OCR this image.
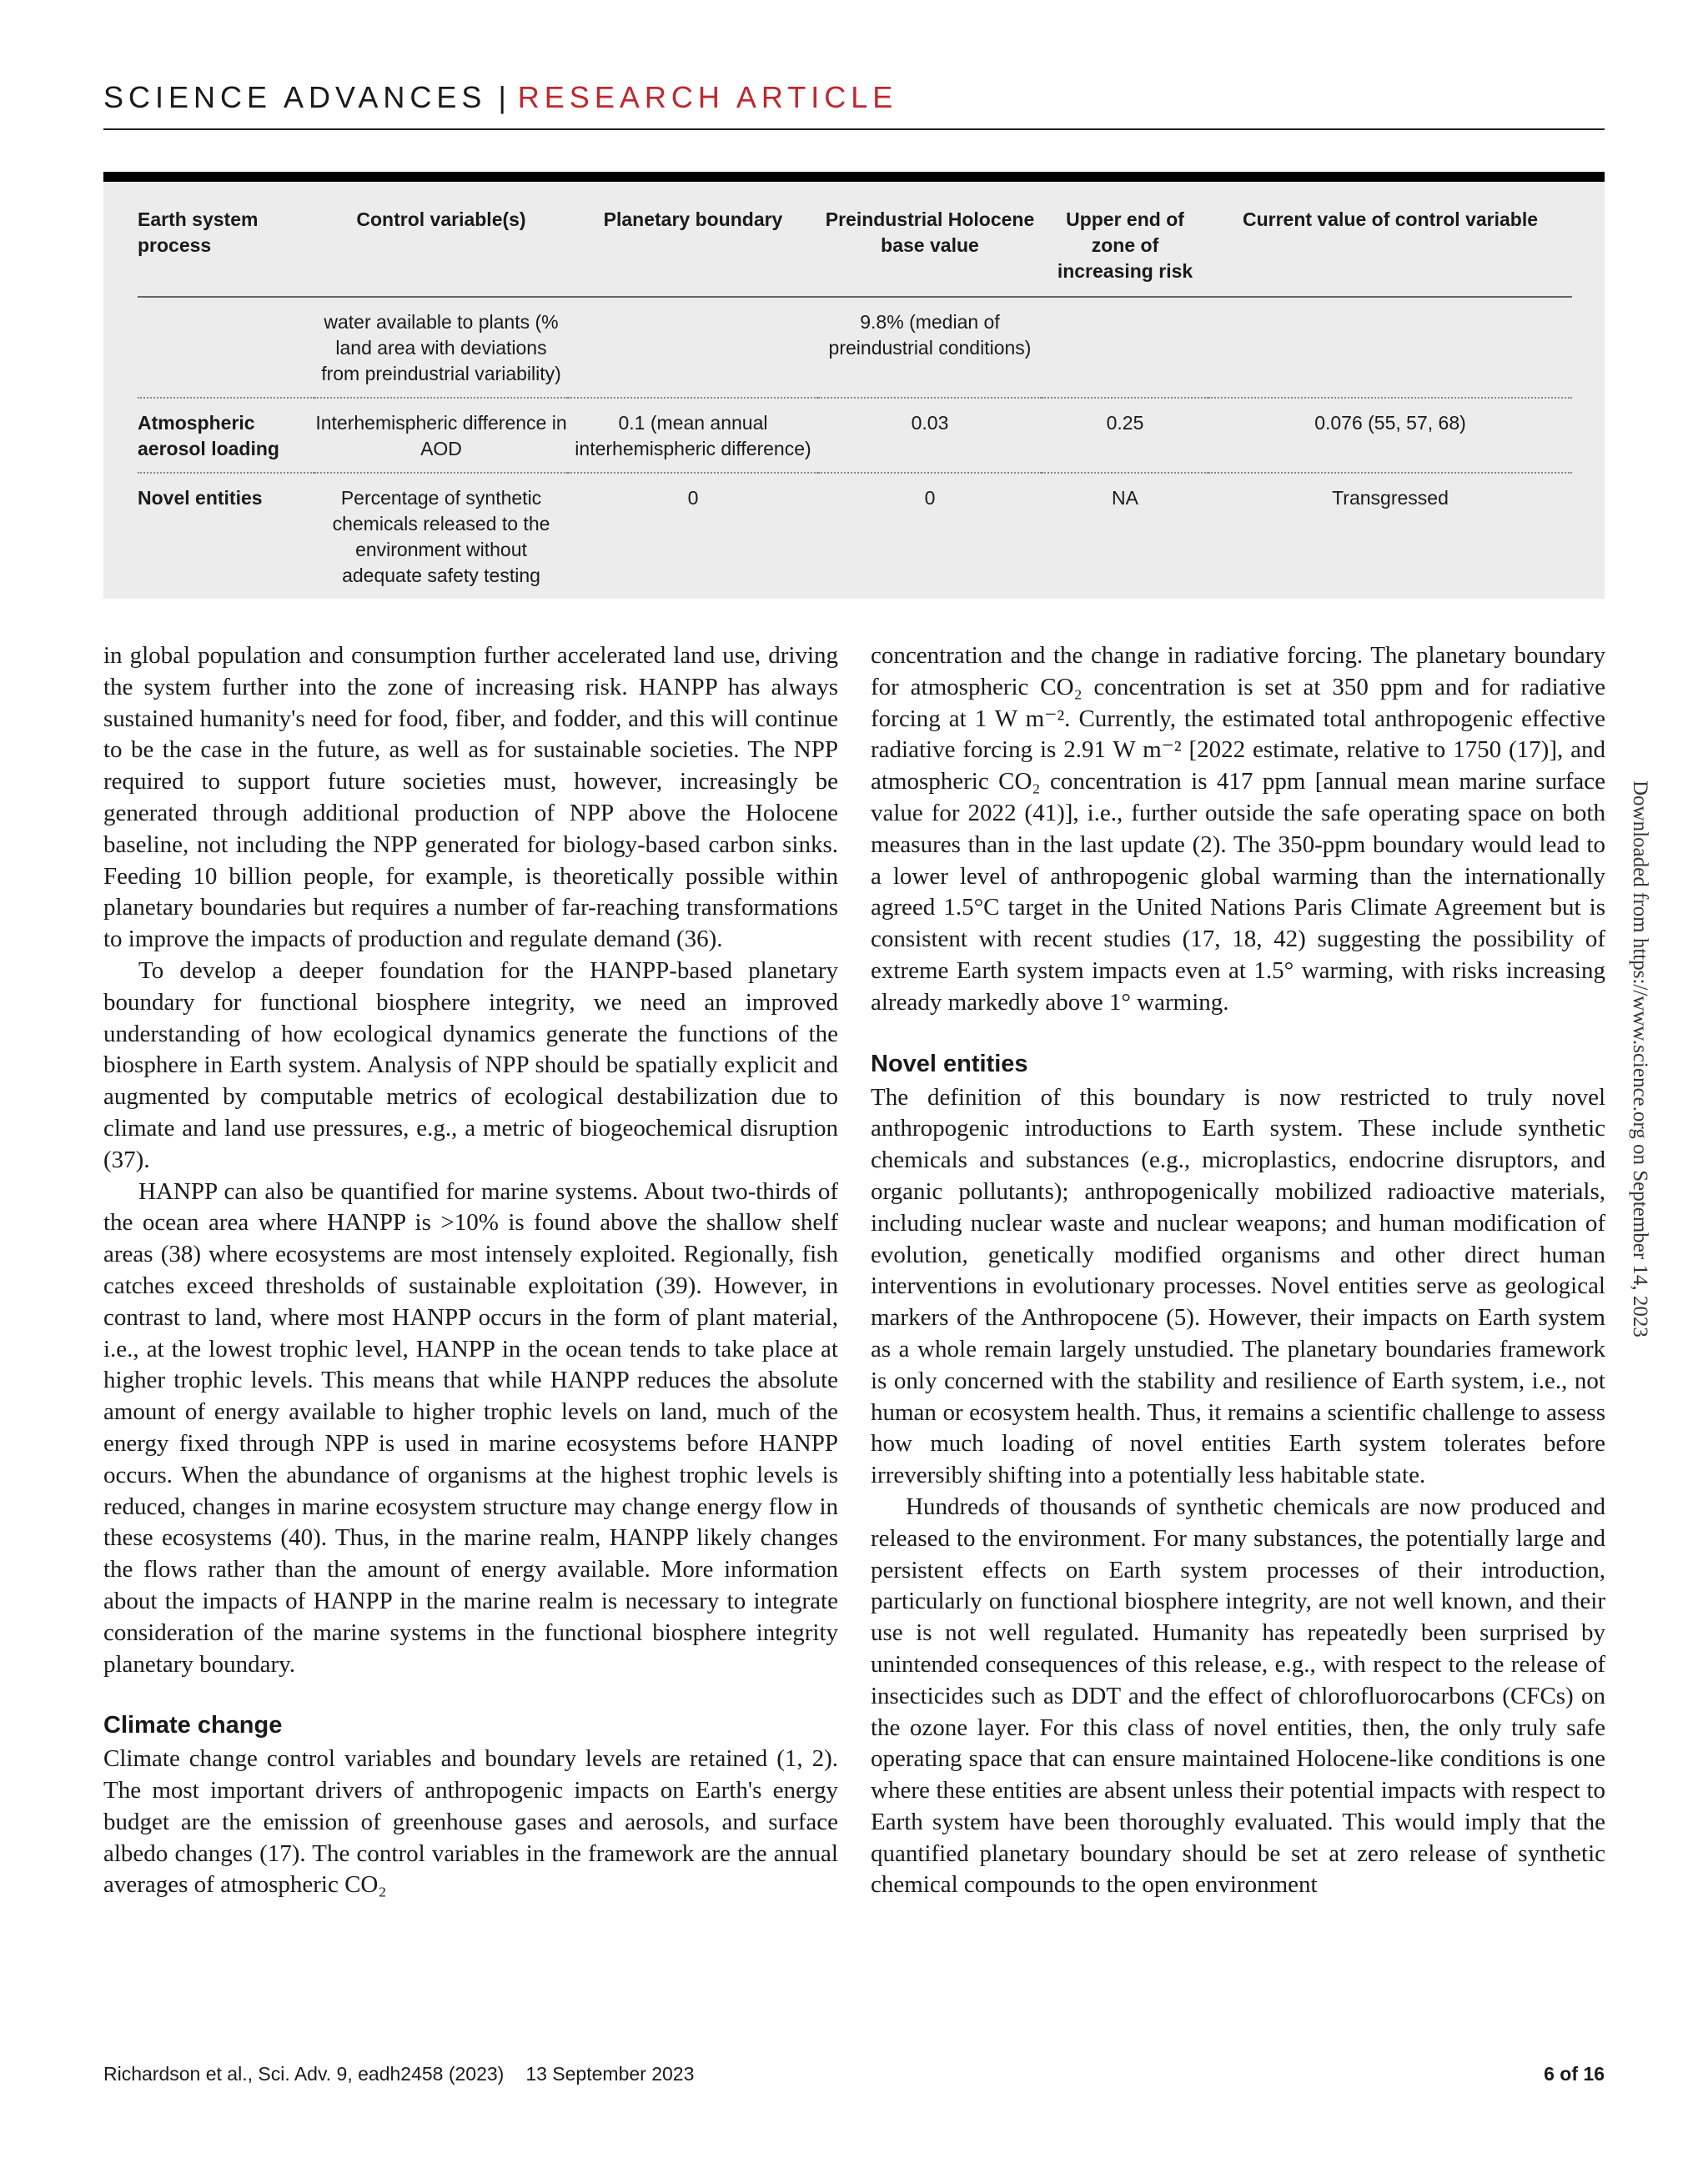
SCIENCE ADVANCES | RESEARCH ARTICLE
Earth system process	Control variable(s)	Planetary boundary	Preindustrial Holocene base value	Upper end of zone of increasing risk	Current value of control variable
	water available to plants (% land area with deviations from preindustrial variability)		9.8% (median of preindustrial conditions)		
Atmospheric aerosol loading	Interhemispheric difference in AOD	0.1 (mean annual interhemispheric difference)	0.03	0.25	0.076 (55, 57, 68)
Novel entities	Percentage of synthetic chemicals released to the environment without adequate safety testing	0	0	NA	Transgressed

in global population and consumption further accelerated land use, driving the system further into the zone of increasing risk. HANPP has always sustained humanity's need for food, fiber, and fodder, and this will continue to be the case in the future, as well as for sustainable societies. The NPP required to support future societies must, however, increasingly be generated through additional production of NPP above the Holocene baseline, not including the NPP generated for biology-based carbon sinks. Feeding 10 billion people, for example, is theoretically possible within planetary boundaries but requires a number of far-reaching transformations to improve the impacts of production and regulate demand (36).

To develop a deeper foundation for the HANPP-based planetary boundary for functional biosphere integrity, we need an improved understanding of how ecological dynamics generate the functions of the biosphere in Earth system. Analysis of NPP should be spatially explicit and augmented by computable metrics of ecological destabilization due to climate and land use pressures, e.g., a metric of biogeochemical disruption (37).

HANPP can also be quantified for marine systems. About two-thirds of the ocean area where HANPP is >10% is found above the shallow shelf areas (38) where ecosystems are most intensely exploited. Regionally, fish catches exceed thresholds of sustainable exploitation (39). However, in contrast to land, where most HANPP occurs in the form of plant material, i.e., at the lowest trophic level, HANPP in the ocean tends to take place at higher trophic levels. This means that while HANPP reduces the absolute amount of energy available to higher trophic levels on land, much of the energy fixed through NPP is used in marine ecosystems before HANPP occurs. When the abundance of organisms at the highest trophic levels is reduced, changes in marine ecosystem structure may change energy flow in these ecosystems (40). Thus, in the marine realm, HANPP likely changes the flows rather than the amount of energy available. More information about the impacts of HANPP in the marine realm is necessary to integrate consideration of the marine systems in the functional biosphere integrity planetary boundary.

Climate change

Climate change control variables and boundary levels are retained (1, 2). The most important drivers of anthropogenic impacts on Earth's energy budget are the emission of greenhouse gases and aerosols, and surface albedo changes (17). The control variables in the framework are the annual averages of atmospheric CO₂

concentration and the change in radiative forcing. The planetary boundary for atmospheric CO₂ concentration is set at 350 ppm and for radiative forcing at 1 W m⁻². Currently, the estimated total anthropogenic effective radiative forcing is 2.91 W m⁻² [2022 estimate, relative to 1750 (17)], and atmospheric CO₂ concentration is 417 ppm [annual mean marine surface value for 2022 (41)], i.e., further outside the safe operating space on both measures than in the last update (2). The 350-ppm boundary would lead to a lower level of anthropogenic global warming than the internationally agreed 1.5°C target in the United Nations Paris Climate Agreement but is consistent with recent studies (17, 18, 42) suggesting the possibility of extreme Earth system impacts even at 1.5° warming, with risks increasing already markedly above 1° warming.

Novel entities

The definition of this boundary is now restricted to truly novel anthropogenic introductions to Earth system. These include synthetic chemicals and substances (e.g., microplastics, endocrine disruptors, and organic pollutants); anthropogenically mobilized radioactive materials, including nuclear waste and nuclear weapons; and human modification of evolution, genetically modified organisms and other direct human interventions in evolutionary processes. Novel entities serve as geological markers of the Anthropocene (5). However, their impacts on Earth system as a whole remain largely unstudied. The planetary boundaries framework is only concerned with the stability and resilience of Earth system, i.e., not human or ecosystem health. Thus, it remains a scientific challenge to assess how much loading of novel entities Earth system tolerates before irreversibly shifting into a potentially less habitable state.

Hundreds of thousands of synthetic chemicals are now produced and released to the environment. For many substances, the potentially large and persistent effects on Earth system processes of their introduction, particularly on functional biosphere integrity, are not well known, and their use is not well regulated. Humanity has repeatedly been surprised by unintended consequences of this release, e.g., with respect to the release of insecticides such as DDT and the effect of chlorofluorocarbons (CFCs) on the ozone layer. For this class of novel entities, then, the only truly safe operating space that can ensure maintained Holocene-like conditions is one where these entities are absent unless their potential impacts with respect to Earth system have been thoroughly evaluated. This would imply that the quantified planetary boundary should be set at zero release of synthetic chemical compounds to the open environment

Downloaded from https://www.science.org on September 14, 2023
Richardson et al., Sci. Adv. 9, eadh2458 (2023) 13 September 2023	6 of 16
